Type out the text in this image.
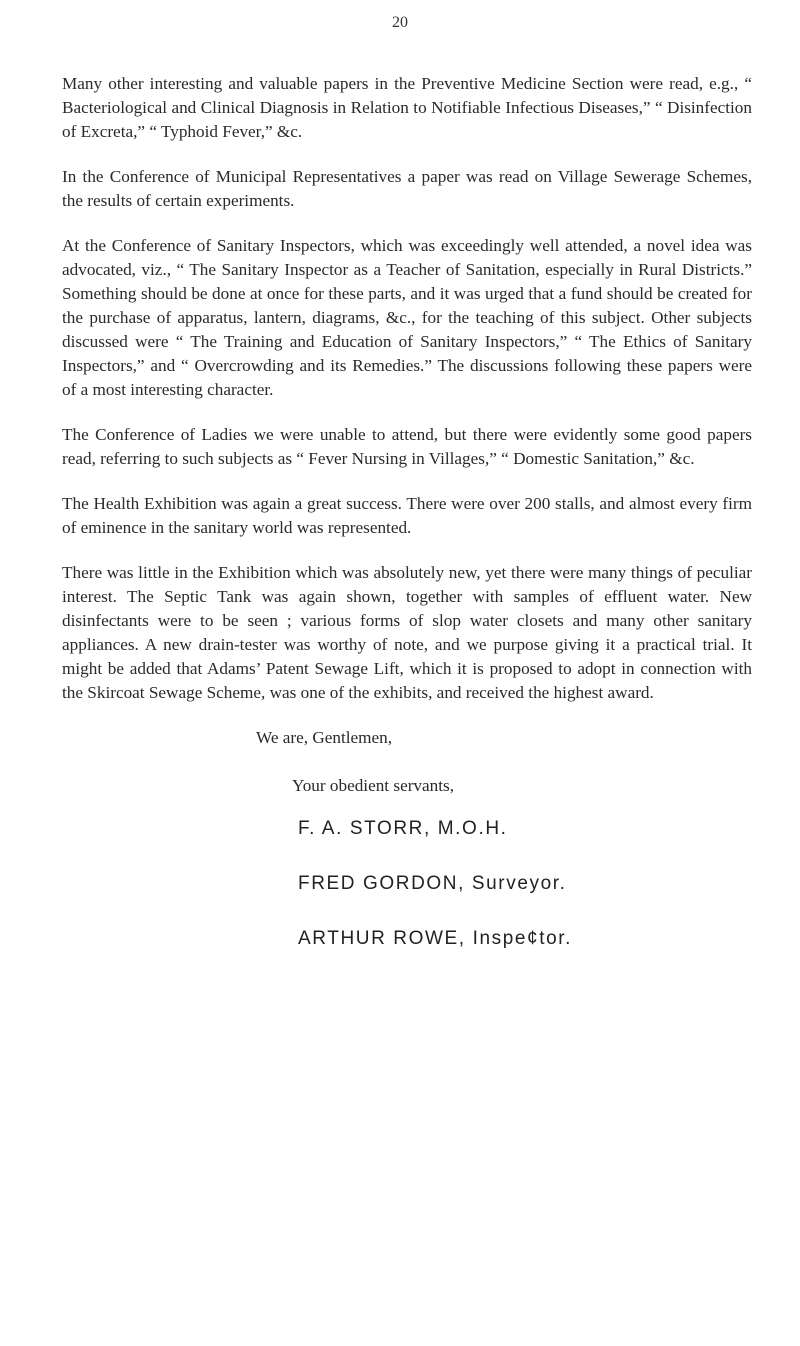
20

Many other interesting and valuable papers in the Preventive Medicine Section were read, e.g., “ Bacteriological and Clinical Diagnosis in Relation to Notifiable Infectious Diseases,” “ Disinfection of Excreta,” “ Typhoid Fever,” &c.

In the Conference of Municipal Representatives a paper was read on Village Sewerage Schemes, the results of certain experiments.

At the Conference of Sanitary Inspectors, which was exceedingly well attended, a novel idea was advocated, viz., “ The Sanitary Inspector as a Teacher of Sanitation, especially in Rural Districts.” Something should be done at once for these parts, and it was urged that a fund should be created for the purchase of apparatus, lantern, diagrams, &c., for the teaching of this subject. Other subjects discussed were “ The Training and Education of Sanitary Inspectors,” “ The Ethics of Sanitary Inspectors,” and “ Overcrowding and its Remedies.” The discussions following these papers were of a most interesting character.

The Conference of Ladies we were unable to attend, but there were evidently some good papers read, referring to such subjects as “ Fever Nursing in Villages,” “ Domestic Sanitation,” &c.

The Health Exhibition was again a great success. There were over 200 stalls, and almost every firm of eminence in the sanitary world was represented.

There was little in the Exhibition which was absolutely new, yet there were many things of peculiar interest. The Septic Tank was again shown, together with samples of effluent water. New disinfectants were to be seen ; various forms of slop water closets and many other sanitary appliances. A new drain-tester was worthy of note, and we purpose giving it a practical trial. It might be added that Adams’ Patent Sewage Lift, which it is proposed to adopt in connection with the Skircoat Sewage Scheme, was one of the exhibits, and received the highest award.

We are, Gentlemen,

Your obedient servants,

F. A. STORR, M.O.H.
FRED GORDON, Surveyor.
ARTHUR ROWE, Inspe¢tor.
